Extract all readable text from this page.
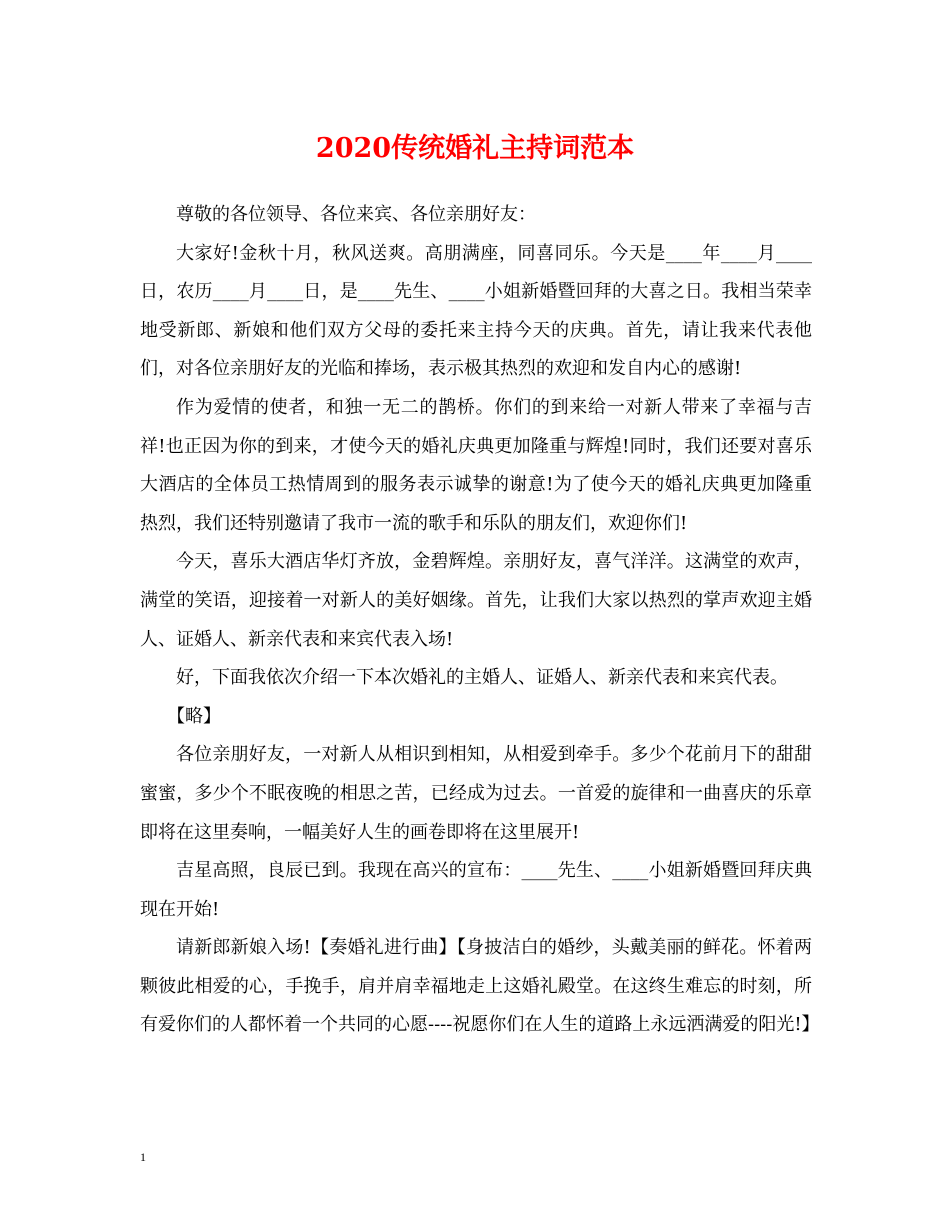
2020传统婚礼主持词范本

尊敬的各位领导、各位来宾、各位亲朋好友：

大家好!金秋十月，秋风送爽。高朋满座，同喜同乐。今天是____年____月____日，农历____月____日，是____先生、____小姐新婚暨回拜的大喜之日。我相当荣幸地受新郎、新娘和他们双方父母的委托来主持今天的庆典。首先，请让我来代表他们，对各位亲朋好友的光临和捧场，表示极其热烈的欢迎和发自内心的感谢!

作为爱情的使者，和独一无二的鹊桥。你们的到来给一对新人带来了幸福与吉祥!也正因为你的到来，才使今天的婚礼庆典更加隆重与辉煌!同时，我们还要对喜乐大酒店的全体员工热情周到的服务表示诚挚的谢意!为了使今天的婚礼庆典更加隆重热烈，我们还特别邀请了我市一流的歌手和乐队的朋友们，欢迎你们!

今天，喜乐大酒店华灯齐放，金碧辉煌。亲朋好友，喜气洋洋。这满堂的欢声，满堂的笑语，迎接着一对新人的美好姻缘。首先，让我们大家以热烈的掌声欢迎主婚人、证婚人、新亲代表和来宾代表入场!

好，下面我依次介绍一下本次婚礼的主婚人、证婚人、新亲代表和来宾代表。

【略】

各位亲朋好友，一对新人从相识到相知，从相爱到牵手。多少个花前月下的甜甜蜜蜜，多少个不眠夜晚的相思之苦，已经成为过去。一首爱的旋律和一曲喜庆的乐章即将在这里奏响，一幅美好人生的画卷即将在这里展开!

吉星高照，良辰已到。我现在高兴的宣布：____先生、____小姐新婚暨回拜庆典现在开始!

请新郎新娘入场!【奏婚礼进行曲】【身披洁白的婚纱，头戴美丽的鲜花。怀着两颗彼此相爱的心，手挽手，肩并肩幸福地走上这婚礼殿堂。在这终生难忘的时刻，所有爱你们的人都怀着一个共同的心愿----祝愿你们在人生的道路上永远洒满爱的阳光!】

1
